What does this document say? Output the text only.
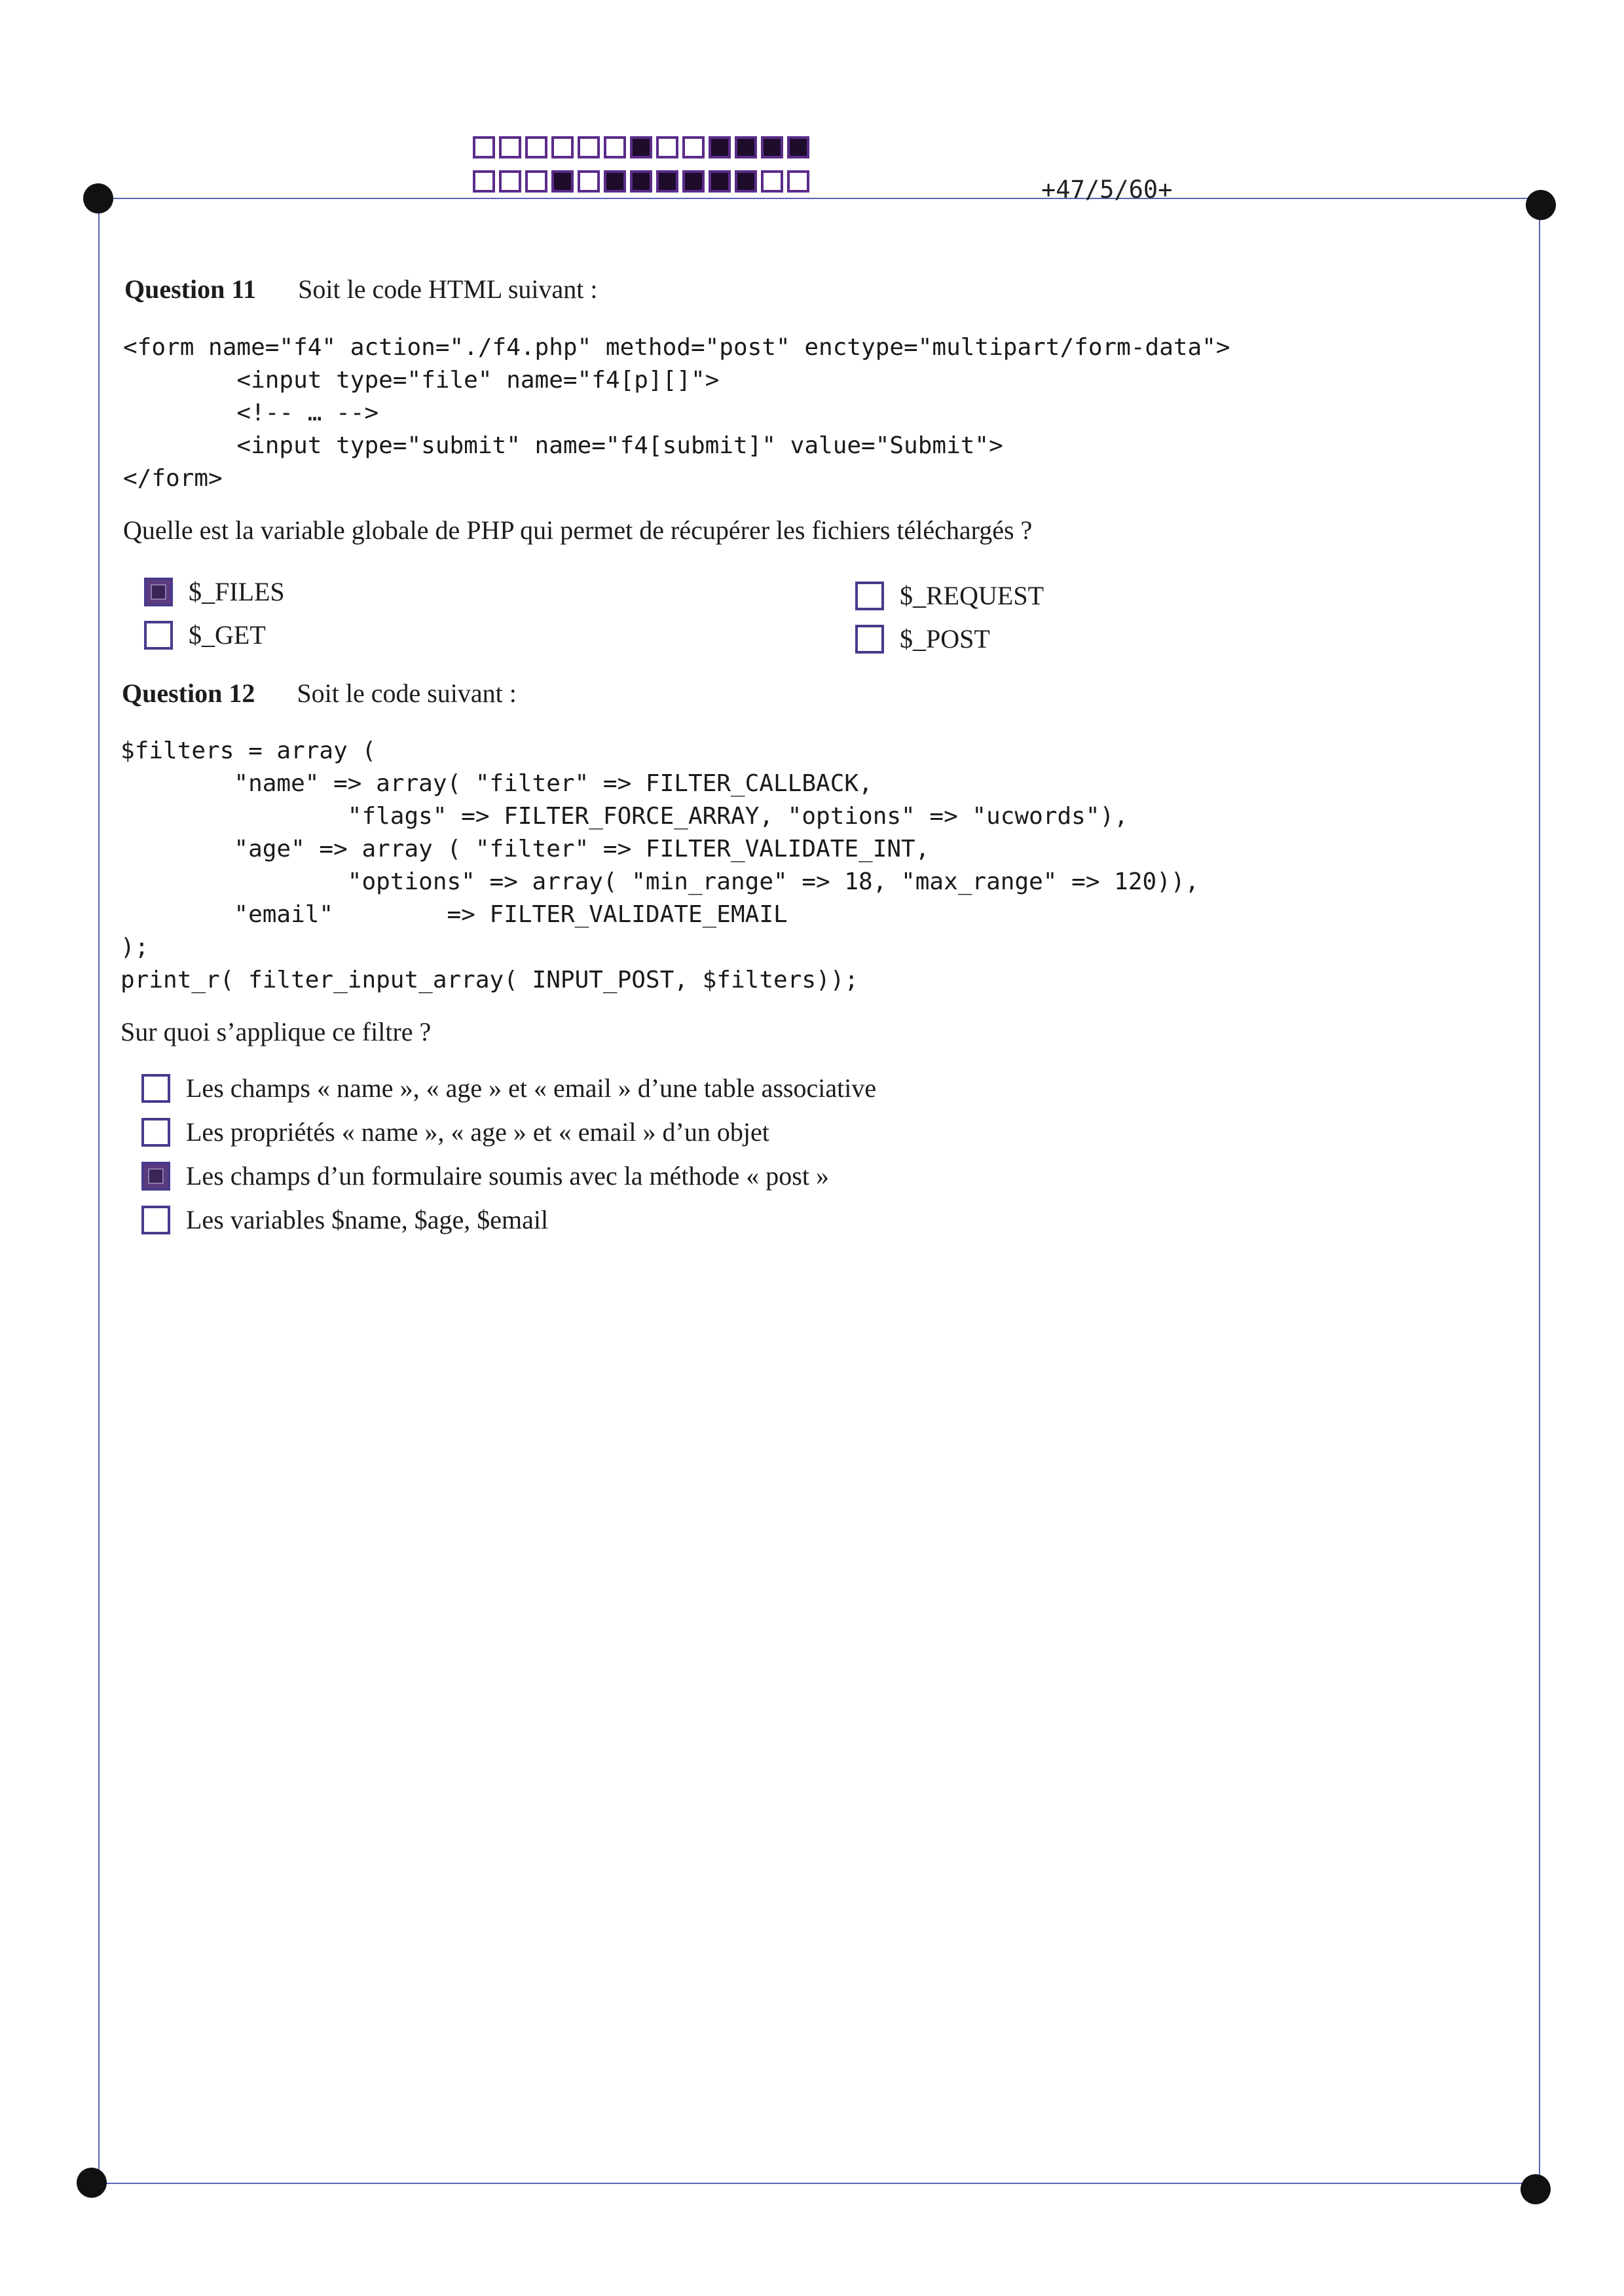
+47/5/60+
Question 11 Soit le code HTML suivant :
<form name="f4" action="./f4.php" method="post" enctype="multipart/form-data">
<input type="file" name="f4[p][]">
<!-- … -->
<input type="submit" name="f4[submit]" value="Submit">
</form>
Quelle est la variable globale de PHP qui permet de récupérer les fichiers téléchargés ?
$_FILES
$_GET
$_REQUEST
$_POST
Question 12 Soit le code suivant :
$filters = array (
"name" => array( "filter" => FILTER_CALLBACK,
"flags" => FILTER_FORCE_ARRAY, "options" => "ucwords"),
"age" => array ( "filter" => FILTER_VALIDATE_INT,
"options" => array( "min_range" => 18, "max_range" => 120)),
"email"        => FILTER_VALIDATE_EMAIL
);
print_r( filter_input_array( INPUT_POST, $filters));
Sur quoi s’applique ce filtre ?
Les champs « name », « age » et « email » d’une table associative
Les propriétés « name », « age » et « email » d’un objet
Les champs d’un formulaire soumis avec la méthode « post »
Les variables $name, $age, $email
